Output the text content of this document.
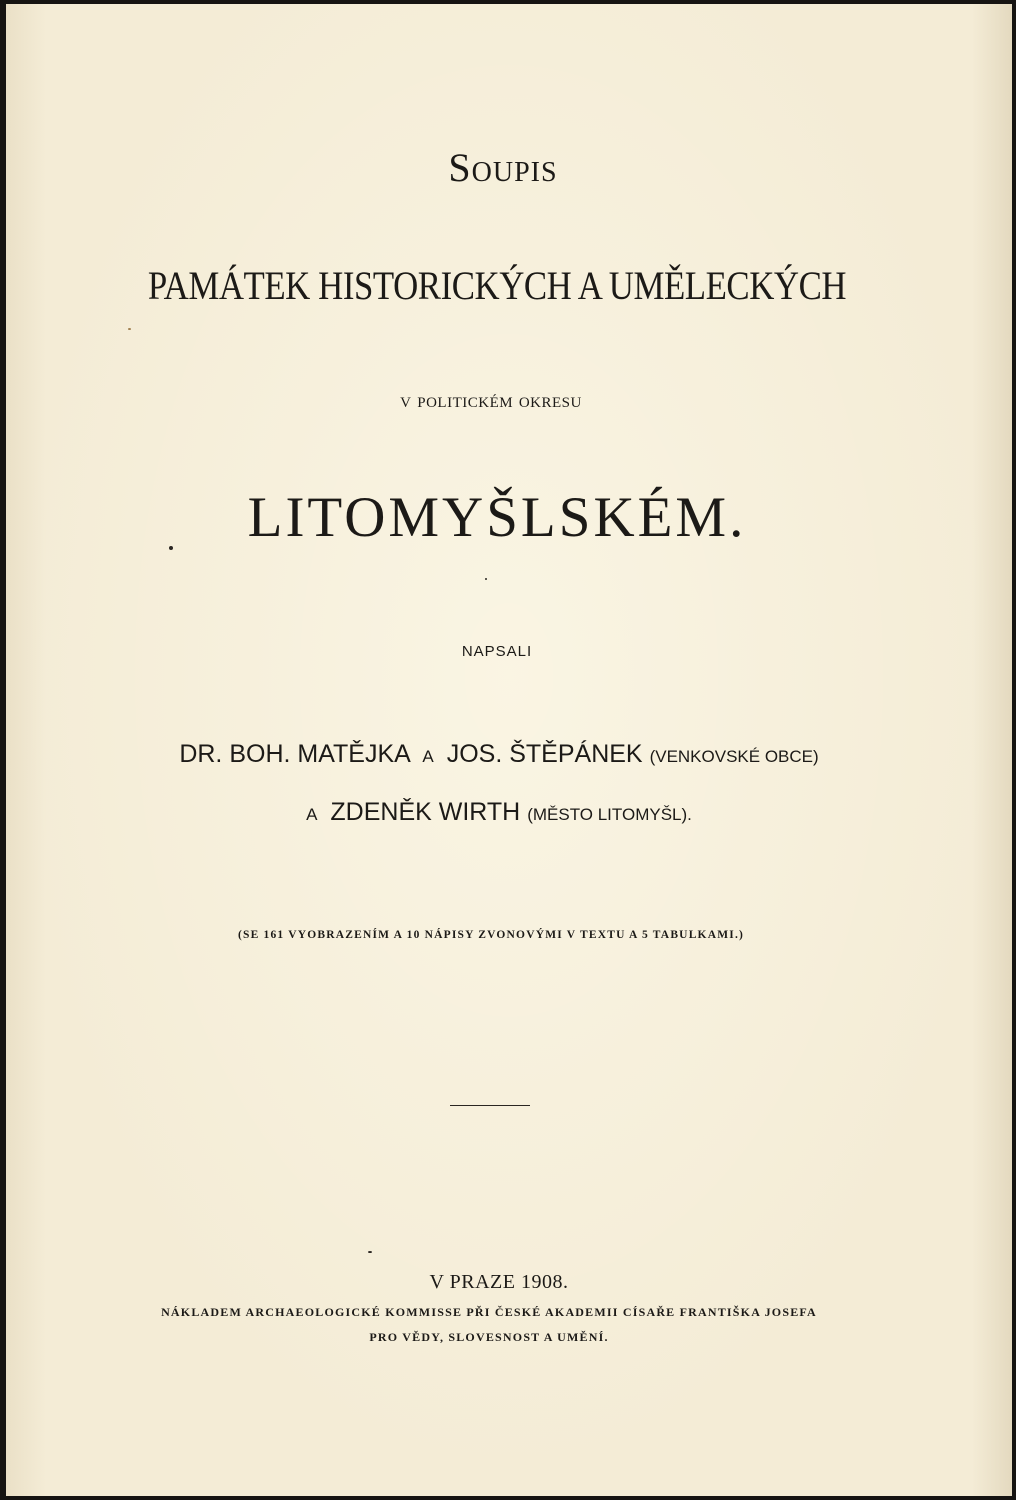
Soupis
PAMÁTEK HISTORICKÝCH A UMĚLECKÝCH
v politickém okresu
LITOMYŠLSKÉM.
NAPSALI
DR. BOH. MATĚJKA A JOS. ŠTĚPÁNEK (VENKOVSKÉ OBCE)
A ZDENĚK WIRTH (MĚSTO LITOMYŠL).
(SE 161 VYOBRAZENÍM A 10 NÁPISY ZVONOVÝMI V TEXTU A 5 TABULKAMI.)
V PRAZE 1908.
NÁKLADEM ARCHAEOLOGICKÉ KOMMISSE PŘI ČESKÉ AKADEMII CÍSAŘE FRANTIŠKA JOSEFA
PRO VĚDY, SLOVESNOST A UMĚNÍ.
